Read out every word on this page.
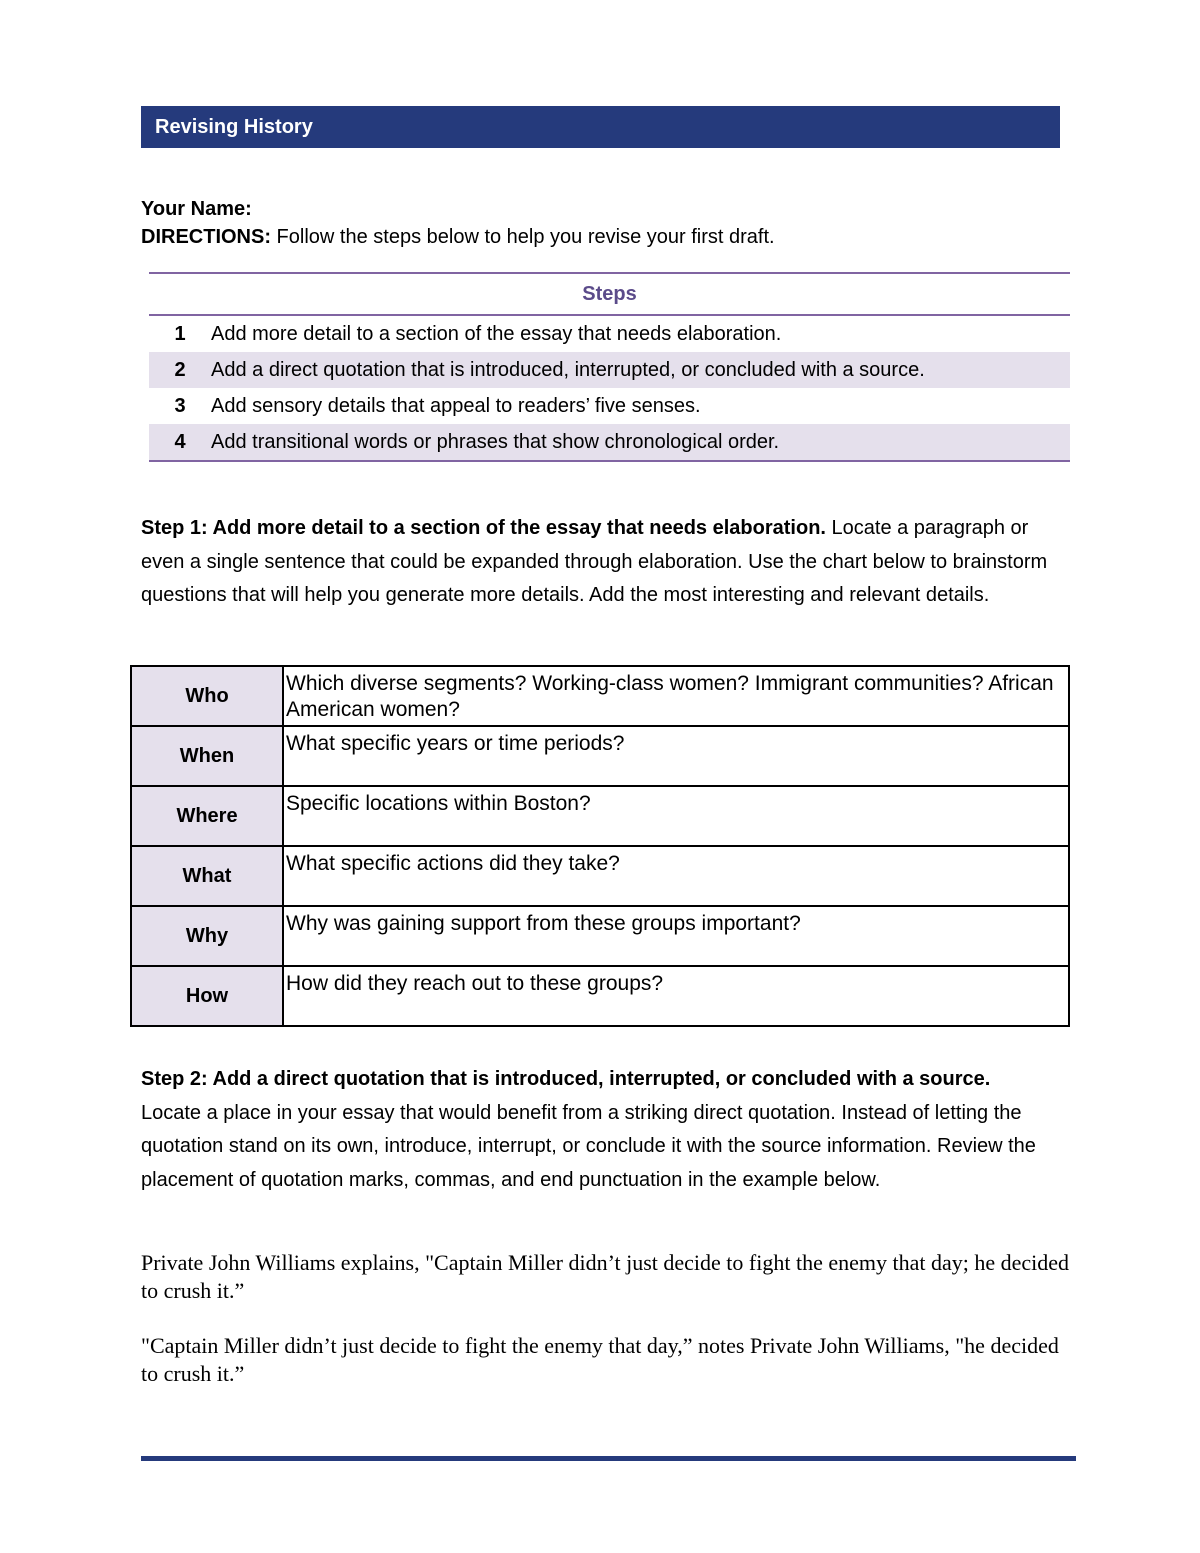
Revising History
Your Name:
DIRECTIONS: Follow the steps below to help you revise your first draft.
Steps	
1	Add more detail to a section of the essay that needs elaboration.
2	Add a direct quotation that is introduced, interrupted, or concluded with a source.
3	Add sensory details that appeal to readers’ five senses.
4	Add transitional words or phrases that show chronological order.
Step 1: Add more detail to a section of the essay that needs elaboration. Locate a paragraph or even a single sentence that could be expanded through elaboration. Use the chart below to brainstorm questions that will help you generate more details. Add the most interesting and relevant details.
Who	Which diverse segments? Working-class women? Immigrant communities? African American women?
When	What specific years or time periods?
Where	Specific locations within Boston?
What	What specific actions did they take?
Why	Why was gaining support from these groups important?
How	How did they reach out to these groups?
Step 2: Add a direct quotation that is introduced, interrupted, or concluded with a source. Locate a place in your essay that would benefit from a striking direct quotation. Instead of letting the quotation stand on its own, introduce, interrupt, or conclude it with the source information. Review the placement of quotation marks, commas, and end punctuation in the example below.
Private John Williams explains, "Captain Miller didn’t just decide to fight the enemy that day; he decided to crush it.”
"Captain Miller didn’t just decide to fight the enemy that day,” notes Private John Williams, "he decided to crush it.”
